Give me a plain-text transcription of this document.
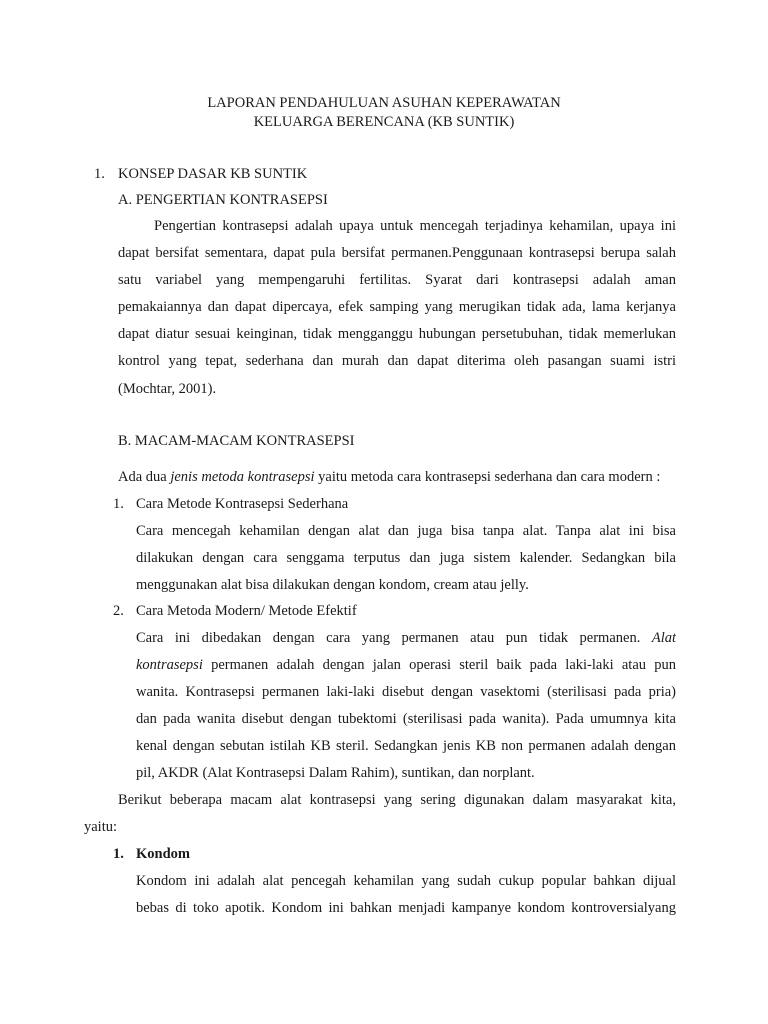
LAPORAN PENDAHULUAN ASUHAN KEPERAWATAN
KELUARGA BERENCANA (KB SUNTIK)
1. KONSEP DASAR KB SUNTIK
A. PENGERTIAN KONTRASEPSI
Pengertian kontrasepsi adalah upaya untuk mencegah terjadinya kehamilan, upaya ini
dapat bersifat sementara, dapat pula bersifat permanen.Penggunaan kontrasepsi berupa salah
satu variabel yang mempengaruhi fertilitas. Syarat dari kontrasepsi adalah aman
pemakaiannya dan dapat dipercaya, efek samping yang merugikan tidak ada, lama kerjanya
dapat diatur sesuai keinginan, tidak mengganggu hubungan persetubuhan, tidak memerlukan
kontrol yang tepat, sederhana dan murah dan dapat diterima oleh pasangan suami istri
(Mochtar, 2001).
B. MACAM-MACAM KONTRASEPSI
Ada dua jenis metoda kontrasepsi yaitu metoda cara kontrasepsi sederhana dan cara modern :
1. Cara Metode Kontrasepsi Sederhana
Cara mencegah kehamilan dengan alat dan juga bisa tanpa alat. Tanpa alat ini bisa
dilakukan dengan cara senggama terputus dan juga sistem kalender. Sedangkan bila
menggunakan alat bisa dilakukan dengan kondom, cream atau jelly.
2. Cara Metoda Modern/ Metode Efektif
Cara ini dibedakan dengan cara yang permanen atau pun tidak permanen. Alat
kontrasepsi permanen adalah dengan jalan operasi steril baik pada laki-laki atau pun
wanita. Kontrasepsi permanen laki-laki disebut dengan vasektomi (sterilisasi pada pria)
dan pada wanita disebut dengan tubektomi (sterilisasi pada wanita). Pada umumnya kita
kenal dengan sebutan istilah KB steril. Sedangkan jenis KB non permanen adalah dengan
pil, AKDR (Alat Kontrasepsi Dalam Rahim), suntikan, dan norplant.
Berikut beberapa macam alat kontrasepsi yang sering digunakan dalam masyarakat kita,
yaitu:
1. Kondom
Kondom ini adalah alat pencegah kehamilan yang sudah cukup popular bahkan dijual
bebas di toko apotik. Kondom ini bahkan menjadi kampanye kondom kontroversialyang
